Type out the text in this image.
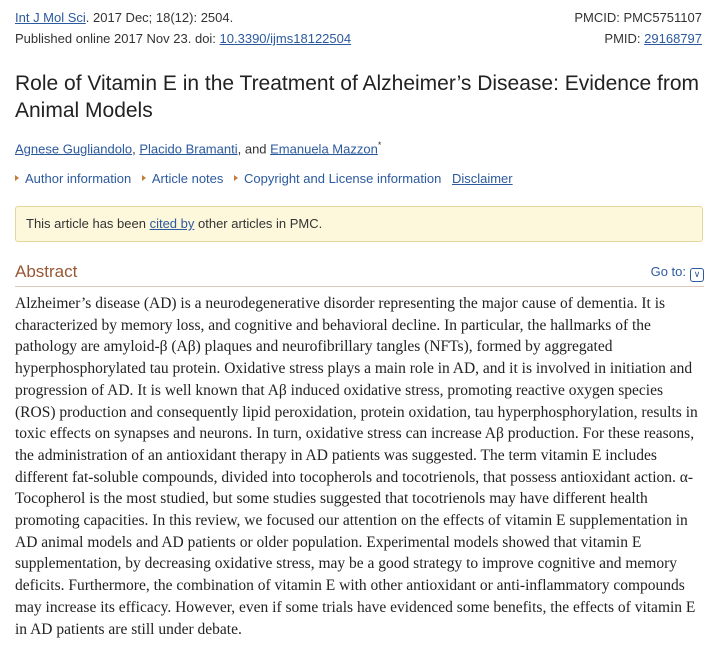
Int J Mol Sci. 2017 Dec; 18(12): 2504.	PMCID: PMC5751107
Published online 2017 Nov 23. doi: 10.3390/ijms18122504	PMID: 29168797
Role of Vitamin E in the Treatment of Alzheimer’s Disease: Evidence from Animal Models
Agnese Gugliandolo, Placido Bramanti, and Emanuela Mazzon*
Author information Article notes Copyright and License information Disclaimer
This article has been cited by other articles in PMC.
Abstract	Go to: ∨

Alzheimer’s disease (AD) is a neurodegenerative disorder representing the major cause of dementia. It is characterized by memory loss, and cognitive and behavioral decline. In particular, the hallmarks of the pathology are amyloid-β (Aβ) plaques and neurofibrillary tangles (NFTs), formed by aggregated hyperphosphorylated tau protein. Oxidative stress plays a main role in AD, and it is involved in initiation and progression of AD. It is well known that Aβ induced oxidative stress, promoting reactive oxygen species (ROS) production and consequently lipid peroxidation, protein oxidation, tau hyperphosphorylation, results in toxic effects on synapses and neurons. In turn, oxidative stress can increase Aβ production. For these reasons, the administration of an antioxidant therapy in AD patients was suggested. The term vitamin E includes different fat-soluble compounds, divided into tocopherols and tocotrienols, that possess antioxidant action. α-Tocopherol is the most studied, but some studies suggested that tocotrienols may have different health promoting capacities. In this review, we focused our attention on the effects of vitamin E supplementation in AD animal models and AD patients or older population. Experimental models showed that vitamin E supplementation, by decreasing oxidative stress, may be a good strategy to improve cognitive and memory deficits. Furthermore, the combination of vitamin E with other antioxidant or anti-inflammatory compounds may increase its efficacy. However, even if some trials have evidenced some benefits, the effects of vitamin E in AD patients are still under debate.
